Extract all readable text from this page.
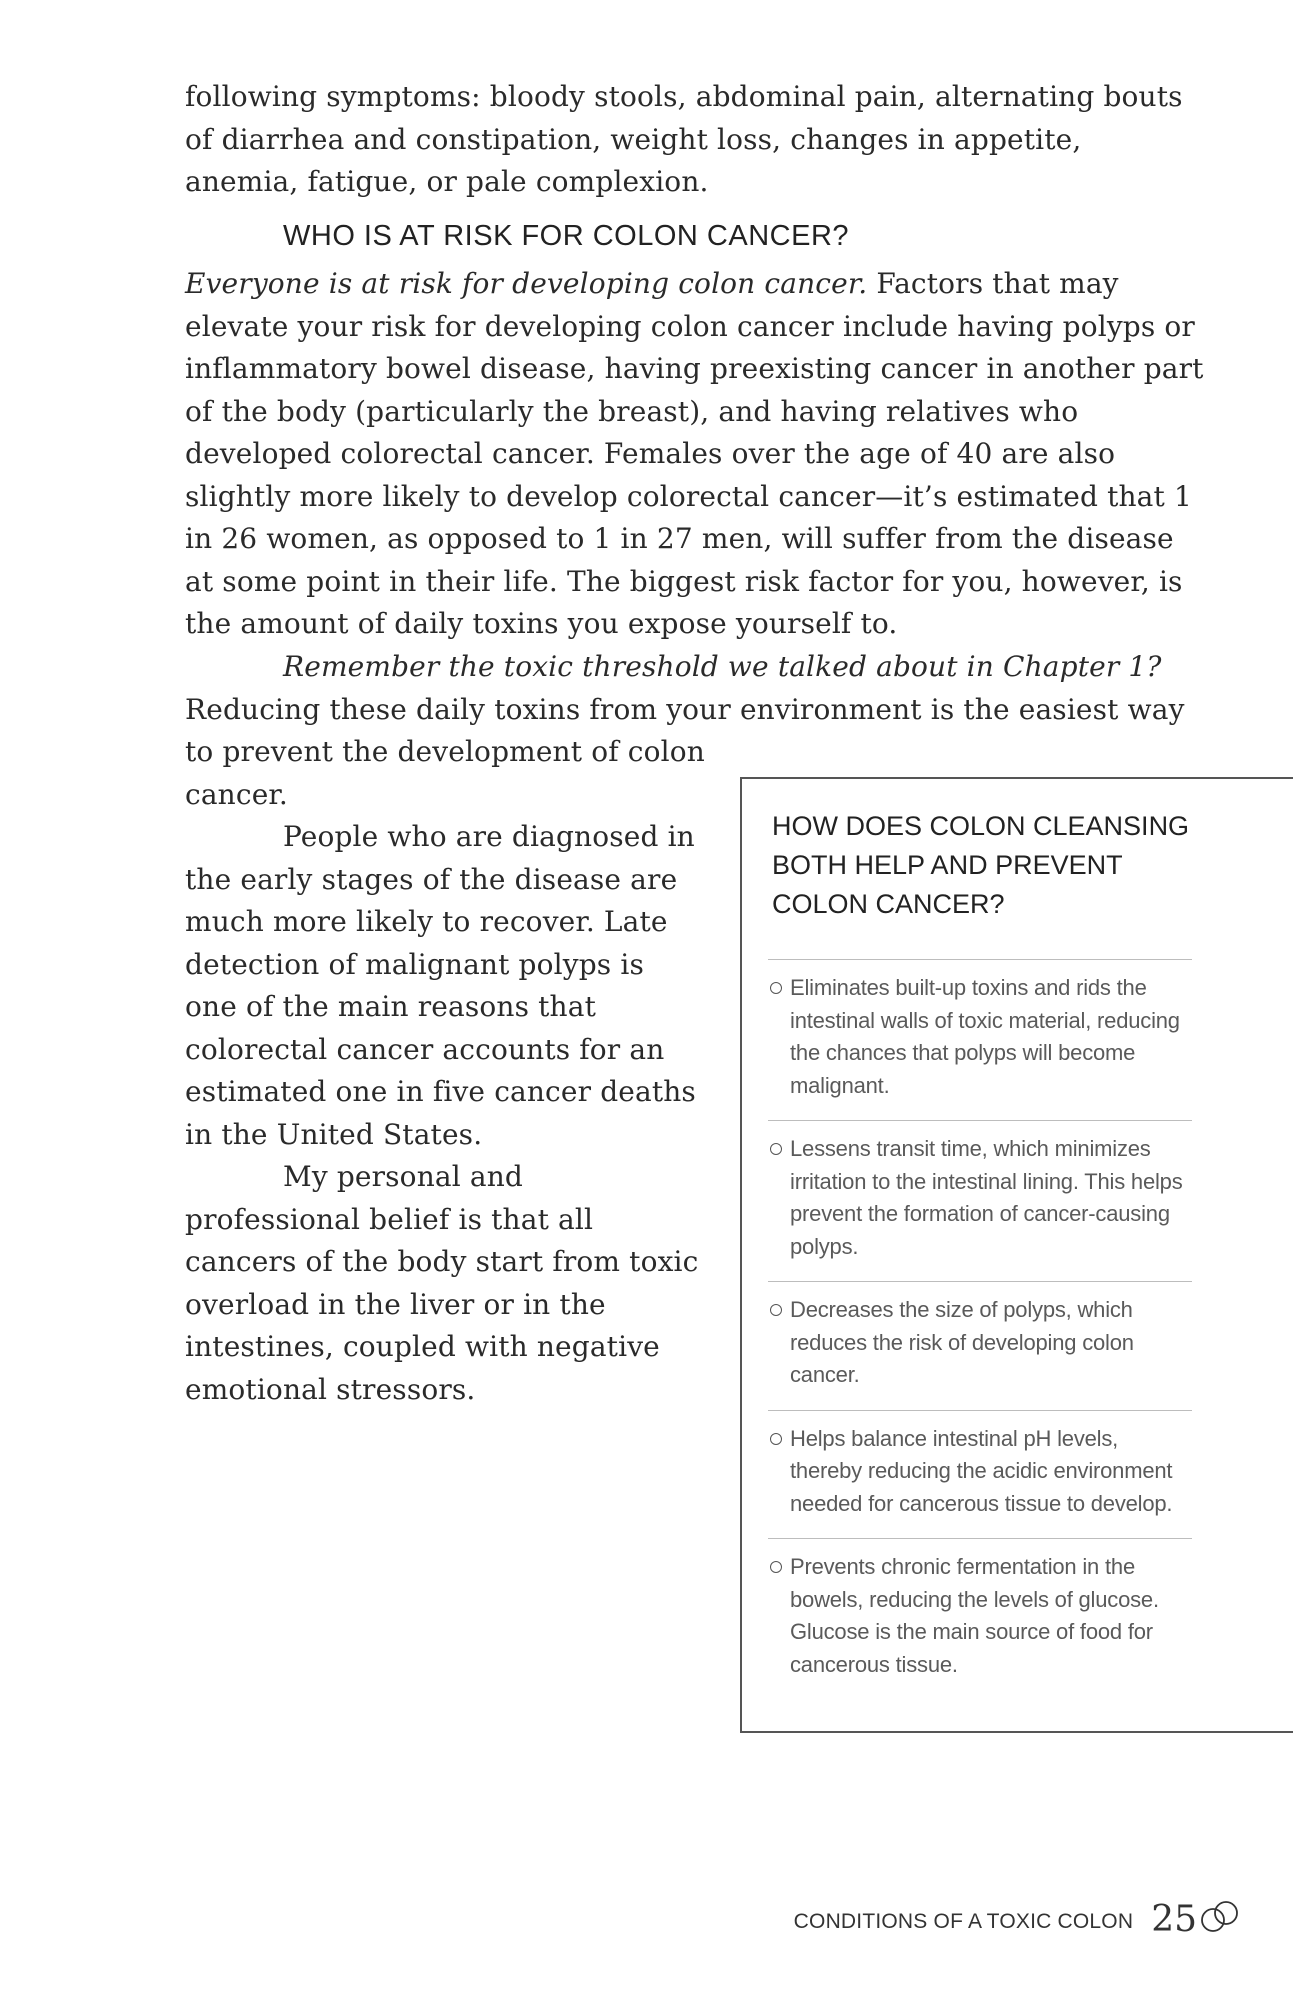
following symptoms: bloody stools, abdominal pain, alternating bouts of diarrhea and constipation, weight loss, changes in appetite, anemia, fatigue, or pale complexion.

WHO IS AT RISK FOR COLON CANCER?

Everyone is at risk for developing colon cancer. Factors that may elevate your risk for developing colon cancer include having polyps or inflammatory bowel disease, having preexisting cancer in another part of the body (particularly the breast), and having relatives who developed colorectal cancer. Females over the age of 40 are also slightly more likely to develop colorectal cancer—it’s estimated that 1 in 26 women, as opposed to 1 in 27 men, will suffer from the disease at some point in their life. The biggest risk factor for you, however, is the amount of daily toxins you expose yourself to.

Remember the toxic threshold we talked about in Chapter 1?
Reducing these daily toxins from your environment is the easiest way
to prevent the development of colon
cancer.

People who are diagnosed in the early stages of the disease are much more likely to recover. Late detection of malignant polyps is one of the main reasons that colorectal cancer accounts for an estimated one in five cancer deaths in the United States.

My personal and professional belief is that all cancers of the body start from toxic overload in the liver or in the intestines, coupled with negative emotional stressors.

HOW DOES COLON CLEANSING BOTH HELP AND PREVENT COLON CANCER?
Eliminates built-up toxins and rids the intestinal walls of toxic material, reducing the chances that polyps will become malignant.
Lessens transit time, which minimizes irritation to the intestinal lining. This helps prevent the formation of cancer-causing polyps.
Decreases the size of polyps, which reduces the risk of developing colon cancer.
Helps balance intestinal pH levels, thereby reducing the acidic environment needed for cancerous tissue to develop.
Prevents chronic fermentation in the bowels, reducing the levels of glucose. Glucose is the main source of food for cancerous tissue.
CONDITIONS OF A TOXIC COLON 25
